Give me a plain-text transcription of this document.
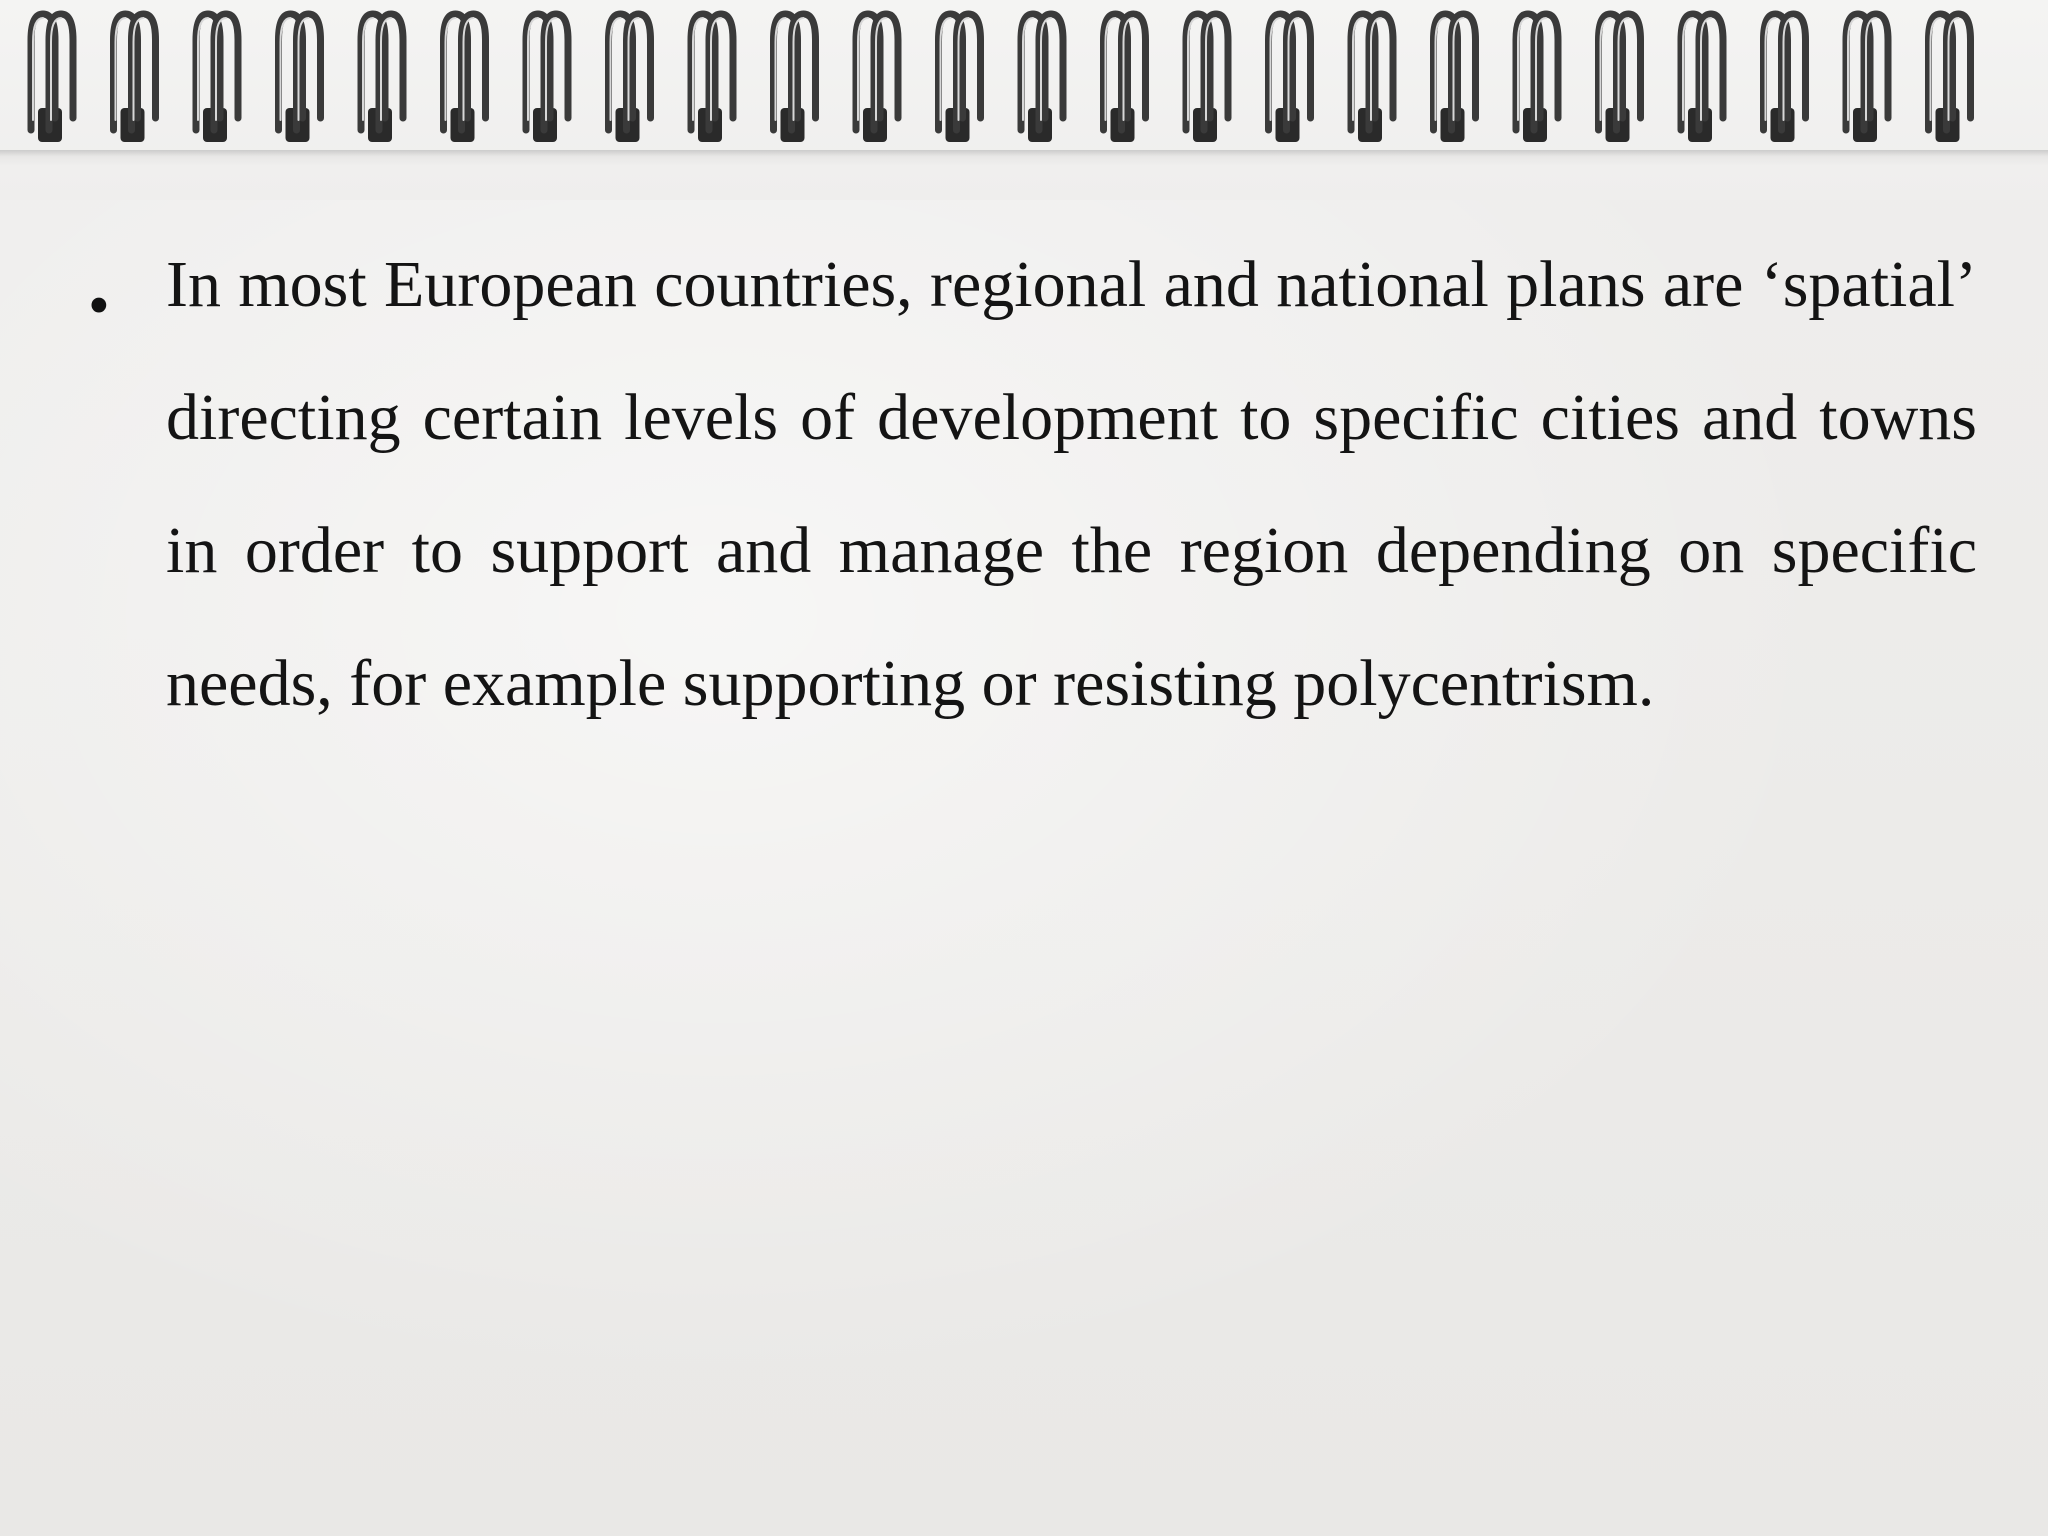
• In most European countries, regional and national plans are ‘spatial’ directing certain levels of development to specific cities and towns in order to support and manage the region depending on specific needs, for example supporting or resisting polycentrism.
